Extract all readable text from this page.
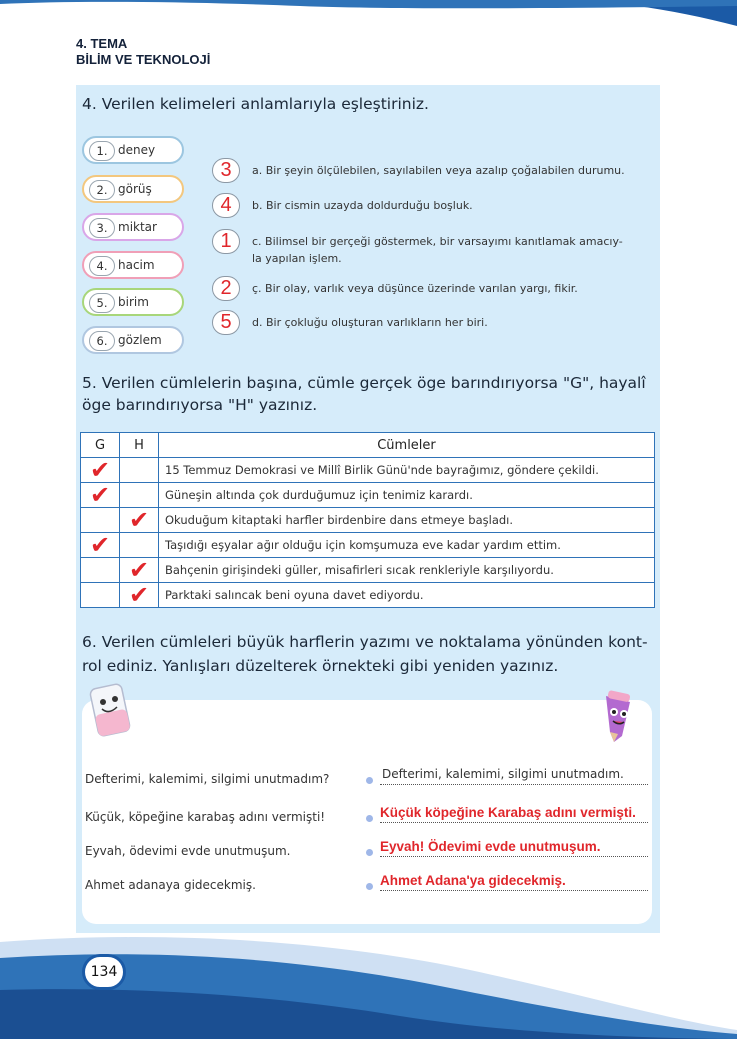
4. TEMA
BİLİM VE TEKNOLOJİ
4. Verilen kelimeleri anlamlarıyla eşleştiriniz.
1. deney
2. görüş
3. miktar
4. hacim
5. birim
6. gözlem
3	a. Bir şeyin ölçülebilen, sayılabilen veya azalıp çoğalabilen durumu.
4	b. Bir cismin uzayda doldurduğu boşluk.
1	c. Bilimsel bir gerçeği göstermek, bir varsayımı kanıtlamak amacıy-
la yapılan işlem.
2	ç. Bir olay, varlık veya düşünce üzerinde varılan yargı, fikir.
5	d. Bir çokluğu oluşturan varlıkların her biri.
5. Verilen cümlelerin başına, cümle gerçek öge barındırıyorsa "G", hayalî
öge barındırıyorsa "H" yazınız.
G	H	Cümleler
✔		15 Temmuz Demokrasi ve Millî Birlik Günü'nde bayrağımız, göndere çekildi.
✔		Güneşin altında çok durduğumuz için tenimiz karardı.
	✔	Okuduğum kitaptaki harfler birdenbire dans etmeye başladı.
✔		Taşıdığı eşyalar ağır olduğu için komşumuza eve kadar yardım ettim.
	✔	Bahçenin girişindeki güller, misafirleri sıcak renkleriyle karşılıyordu.
	✔	Parktaki salıncak beni oyuna davet ediyordu.
6. Verilen cümleleri büyük harflerin yazımı ve noktalama yönünden kont-
rol ediniz. Yanlışları düzelterek örnekteki gibi yeniden yazınız.
Defterimi, kalemimi, silgimi unutmadım?	Defterimi, kalemimi, silgimi unutmadım.
Küçük, köpeğine karabaş adını vermişti!	Küçük köpeğine Karabaş adını vermişti.
Eyvah, ödevimi evde unutmuşum.	Eyvah! Ödevimi evde unutmuşum.
Ahmet adanaya gidecekmiş.	Ahmet Adana'ya gidecekmiş.
134
